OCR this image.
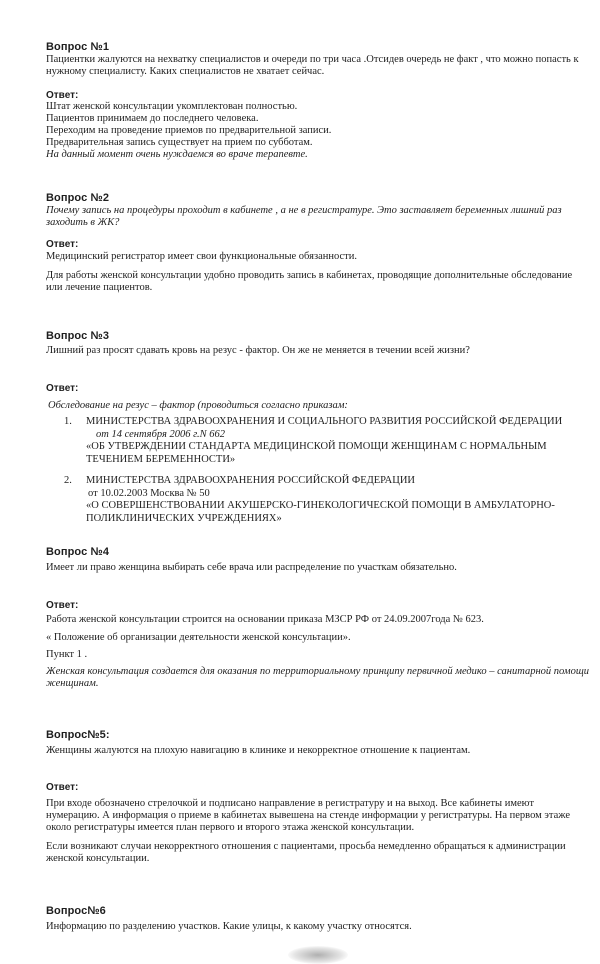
Вопрос №1
Пациентки жалуются на нехватку специалистов и очереди по три часа .Отсидев очередь не факт , что можно попасть к
нужному специалисту. Каких специалистов не хватает сейчас.
Ответ:
Штат женской консультации укомплектован полностью.
Пациентов принимаем до последнего человека.
Переходим на проведение приемов по предварительной записи.
Предварительная запись существует на прием по субботам.
На данный момент очень нуждаемся во враче терапевте.
Вопрос №2
Почему запись на процедуры проходит в кабинете , а не в регистратуре. Это заставляет беременных лишний раз
заходить в ЖК?
Ответ:
Медицинский регистратор имеет свои функциональные обязанности.
Для работы женской консультации удобно проводить запись в кабинетах, проводящие дополнительные обследование
или лечение пациентов.
Вопрос №3
Лишний раз просят сдавать кровь на резус - фактор. Он же не меняется в течении всей жизни?
Ответ:
Обследование на резус – фактор (проводиться согласно приказам:
1. МИНИСТЕРСТВА ЗДРАВООХРАНЕНИЯ И СОЦИАЛЬНОГО РАЗВИТИЯ РОССИЙСКОЙ ФЕДЕРАЦИИ
от 14 сентября 2006 г.N 662
«ОБ УТВЕРЖДЕНИИ СТАНДАРТА МЕДИЦИНСКОЙ ПОМОЩИ ЖЕНЩИНАМ С НОРМАЛЬНЫМ
ТЕЧЕНИЕМ БЕРЕМЕННОСТИ»
2. МИНИСТЕРСТВА ЗДРАВООХРАНЕНИЯ РОССИЙСКОЙ ФЕДЕРАЦИИ
от 10.02.2003 Москва № 50
«О СОВЕРШЕНСТВОВАНИИ АКУШЕРСКО-ГИНЕКОЛОГИЧЕСКОЙ ПОМОЩИ В АМБУЛАТОРНО-
ПОЛИКЛИНИЧЕСКИХ УЧРЕЖДЕНИЯХ»
Вопрос №4
Имеет ли право женщина выбирать себе врача или распределение по участкам обязательно.
Ответ:
Работа женской консультации строится на основании приказа МЗСР РФ от 24.09.2007года № 623.
« Положение об организации деятельности женской консультации».
Пункт 1 .
Женская консультация создается для оказания по территориальному принципу первичной медико – санитарной помощи
женщинам.
Вопрос№5:
Женщины жалуются на плохую навигацию в клинике и некорректное отношение к пациентам.
Ответ:
При входе обозначено стрелочкой и подписано направление в регистратуру и на выход. Все кабинеты имеют
нумерацию. А информация о приеме в кабинетах вывешена на стенде информации у регистратуры. На первом этаже
около регистратуры имеется план первого и второго этажа женской консультации.
Если возникают случаи некорректного отношения с пациентами, просьба немедленно обращаться к администрации
женской консультации.
Вопрос№6
Информацию по разделению участков. Какие улицы, к какому участку относятся.
